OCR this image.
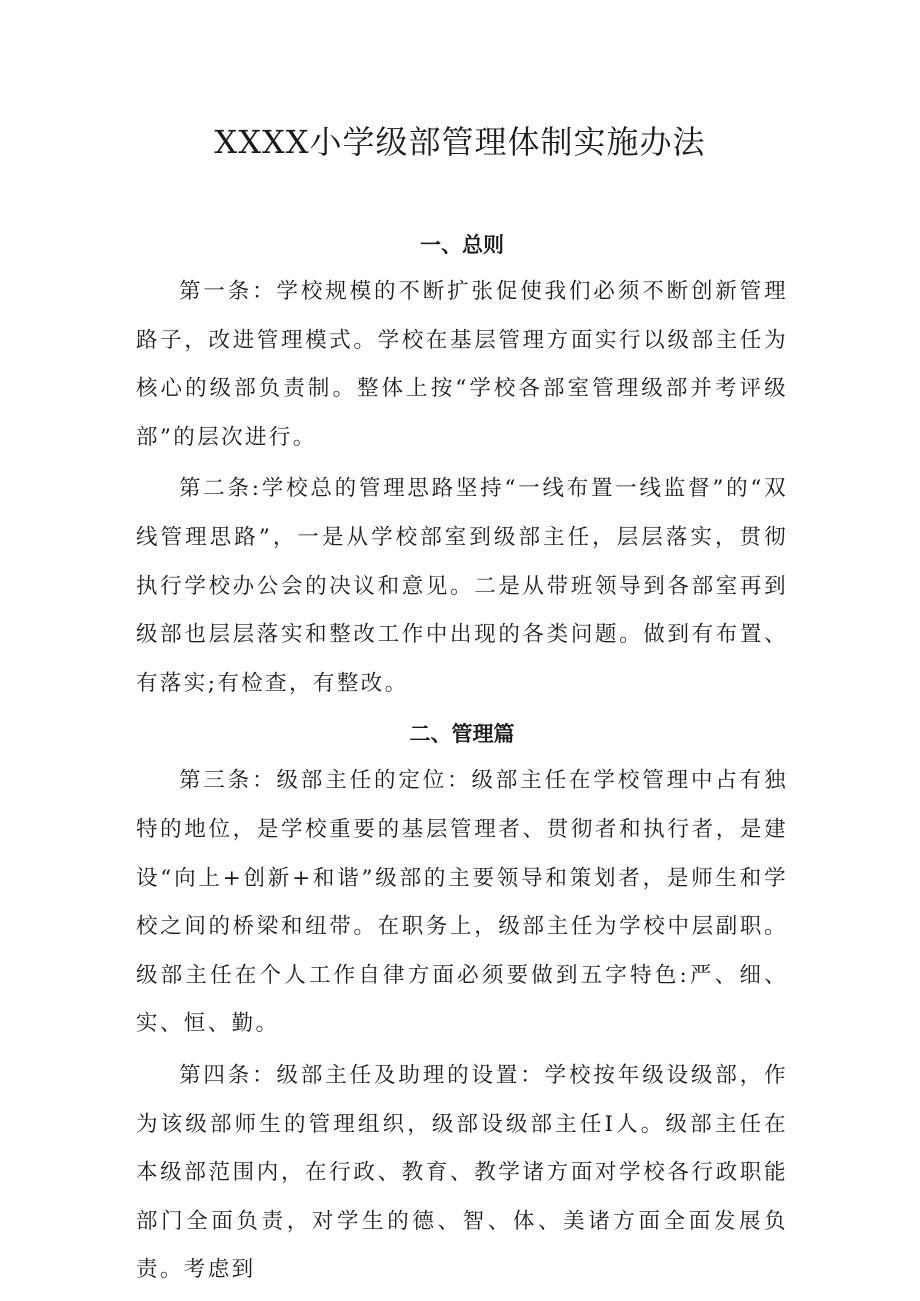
XXXX小学级部管理体制实施办法
一、总则

第一条：学校规模的不断扩张促使我们必须不断创新管理路子，改进管理模式。学校在基层管理方面实行以级部主任为核心的级部负责制。整体上按“学校各部室管理级部并考评级部”的层次进行。

第二条:学校总的管理思路坚持“一线布置一线监督”的“双线管理思路”，一是从学校部室到级部主任，层层落实，贯彻执行学校办公会的决议和意见。二是从带班领导到各部室再到级部也层层落实和整改工作中出现的各类问题。做到有布置、有落实;有检查，有整改。

二、管理篇

第三条：级部主任的定位：级部主任在学校管理中占有独特的地位，是学校重要的基层管理者、贯彻者和执行者，是建设“向上+创新+和谐”级部的主要领导和策划者，是师生和学校之间的桥梁和纽带。在职务上，级部主任为学校中层副职。级部主任在个人工作自律方面必须要做到五字特色:严、细、实、恒、勤。

第四条：级部主任及助理的设置：学校按年级设级部，作为该级部师生的管理组织，级部设级部主任I人。级部主任在本级部范围内，在行政、教育、教学诸方面对学校各行政职能部门全面负责，对学生的德、智、体、美诸方面全面发展负责。考虑到
